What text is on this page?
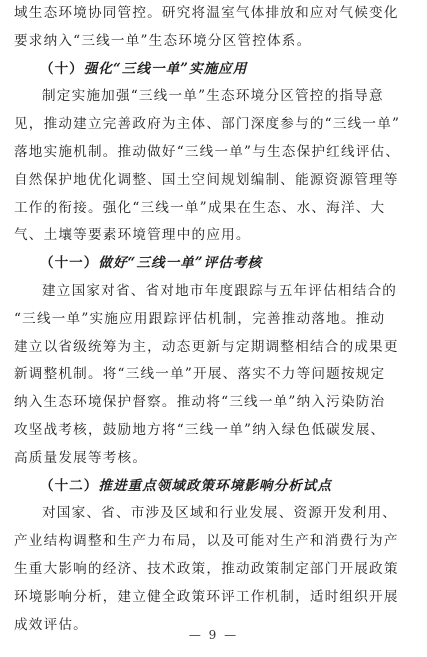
域生态环境协同管控。研究将温室气体排放和应对气候变化
要求纳入“三线一单”生态环境分区管控体系。
（十）强化“三线一单”实施应用
制定实施加强“三线一单”生态环境分区管控的指导意
见，推动建立完善政府为主体、部门深度参与的“三线一单”
落地实施机制。推动做好“三线一单”与生态保护红线评估、
自然保护地优化调整、国土空间规划编制、能源资源管理等
工作的衔接。强化“三线一单”成果在生态、水、海洋、大
气、土壤等要素环境管理中的应用。
（十一）做好“三线一单”评估考核
建立国家对省、省对地市年度跟踪与五年评估相结合的
“三线一单”实施应用跟踪评估机制，完善推动落地。推动
建立以省级统筹为主，动态更新与定期调整相结合的成果更
新调整机制。将“三线一单”开展、落实不力等问题按规定
纳入生态环境保护督察。推动将“三线一单”纳入污染防治
攻坚战考核，鼓励地方将“三线一单”纳入绿色低碳发展、
高质量发展等考核。
（十二）推进重点领域政策环境影响分析试点
对国家、省、市涉及区域和行业发展、资源开发利用、
产业结构调整和生产力布局，以及可能对生产和消费行为产
生重大影响的经济、技术政策，推动政策制定部门开展政策
环境影响分析，建立健全政策环评工作机制，适时组织开展
成效评估。
— 9 —
